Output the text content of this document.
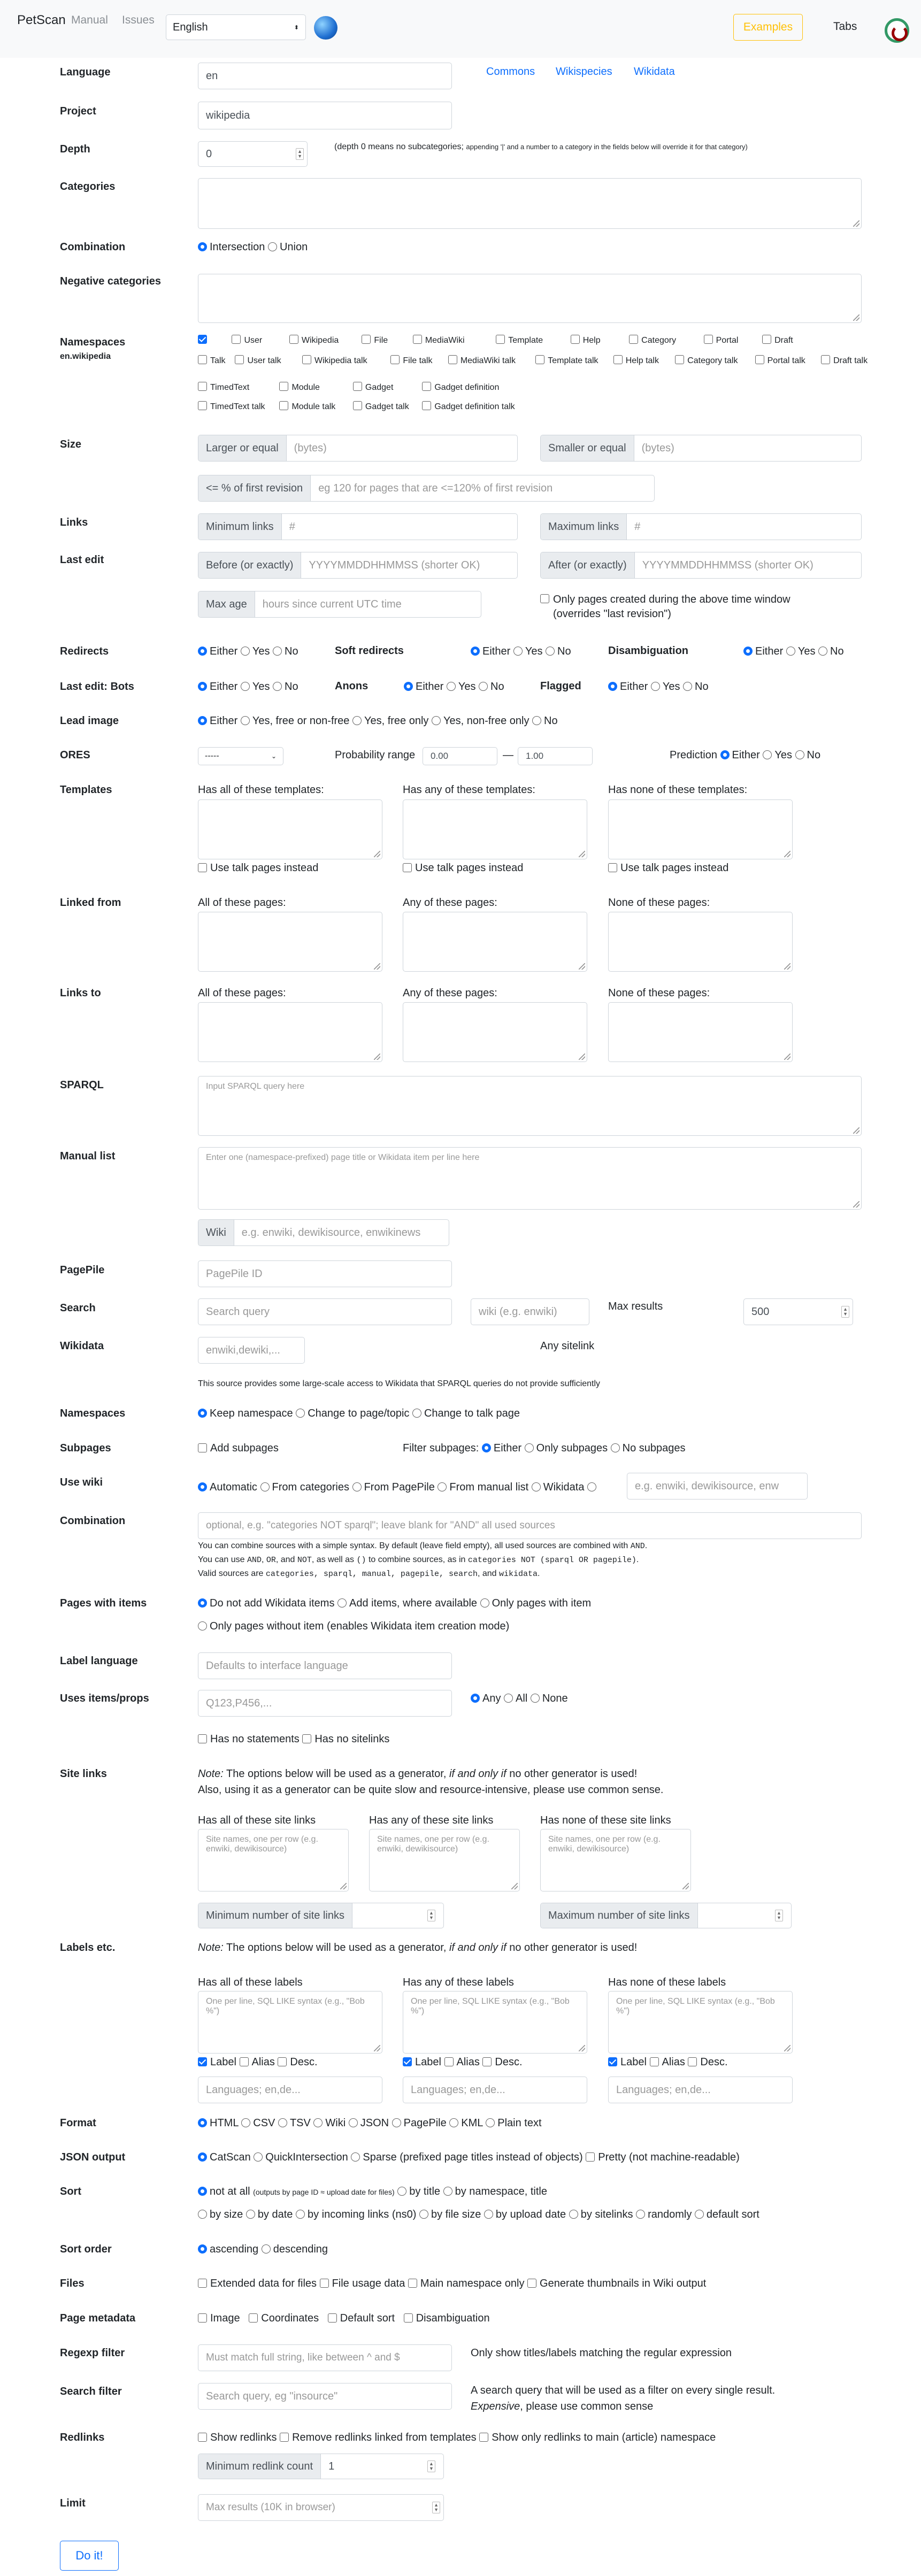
PetScan Manual Issues
English	⬍	Examples	Tabs
Language	en	Commons Wikispecies Wikidata
Project	wikipedia
Depth	0	▲
▼
(depth 0 means no subcategories; appending '|' and a number to a category in the fields below will override it for that category)
Categories
Combination	Intersection Union
Negative categories
Namespaces
en.wikipedia
User	Wikipedia	File	MediaWiki	Template	Help	Category	Portal	Draft
Talk	User talk	Wikipedia talk	File talk	MediaWiki talk	Template talk	Help talk	Category talk	Portal talk	Draft talk
TimedText	Module	Gadget	Gadget definition
TimedText talk	Module talk	Gadget talk	Gadget definition talk
Size	Larger or equal	(bytes)	Smaller or equal	(bytes)
<= % of first revision	eg 120 for pages that are <=120% of first revision
Links	Minimum links	#	Maximum links	#
Last edit	Before (or exactly)	YYYYMMDDHHMMSS (shorter OK)	After (or exactly)	YYYYMMDDHHMMSS (shorter OK)
Max age	hours since current UTC time	Only pages created during the above time window (overrides "last revision")
Redirects	Either Yes No	Soft redirects	Either Yes No	Disambiguation	Either Yes No
Last edit: Bots	Either Yes No	Anons	Either Yes No	Flagged	Either Yes No
Lead image	Either Yes, free or non-free Yes, free only Yes, non-free only No
ORES	-----	⌄	Probability range	0.00	—	1.00	Prediction Either Yes No
Templates	Has all of these templates:	Has any of these templates:	Has none of these templates:
Use talk pages instead	Use talk pages instead	Use talk pages instead
Linked from	All of these pages:	Any of these pages:	None of these pages:
Links to	All of these pages:	Any of these pages:	None of these pages:
SPARQL	Input SPARQL query here
Manual list	Enter one (namespace-prefixed) page title or Wikidata item per line here
Wiki	e.g. enwiki, dewikisource, enwikinews
PagePile	PagePile ID
Search	Search query	wiki (e.g. enwiki)	Max results	500	▲
▼
Wikidata	enwiki,dewiki,...	Any sitelink
This source provides some large-scale access to Wikidata that SPARQL queries do not provide sufficiently
Namespaces	Keep namespace Change to page/topic Change to talk page
Subpages	Add subpages	Filter subpages: Either Only subpages No subpages
Use wiki	Automatic From categories From PagePile From manual list Wikidata	e.g. enwiki, dewikisource, enw
Combination	optional, e.g. "categories NOT sparql"; leave blank for "AND" all used sources
You can combine sources with a simple syntax. By default (leave field empty), all used sources are combined with AND.
You can use AND, OR, and NOT, as well as () to combine sources, as in categories NOT (sparql OR pagepile).
Valid sources are categories, sparql, manual, pagepile, search, and wikidata.
Pages with items	Do not add Wikidata items Add items, where available Only pages with item
Only pages without item (enables Wikidata item creation mode)
Label language	Defaults to interface language
Uses items/props	Q123,P456,...	Any All None
Has no statements Has no sitelinks
Site links	Note: The options below will be used as a generator, if and only if no other generator is used!
Also, using it as a generator can be quite slow and resource-intensive, please use common sense.
Has all of these site links	Has any of these site links	Has none of these site links
Site names, one per row (e.g. enwiki, dewikisource)
Site names, one per row (e.g. enwiki, dewikisource)
Site names, one per row (e.g. enwiki, dewikisource)
Minimum number of site links	▲
▼	Maximum number of site links	▲
▼
Labels etc.	Note: The options below will be used as a generator, if and only if no other generator is used!
Has all of these labels	Has any of these labels	Has none of these labels
One per line, SQL LIKE syntax (e.g., "Bob %")
One per line, SQL LIKE syntax (e.g., "Bob %")
One per line, SQL LIKE syntax (e.g., "Bob %")
Label Alias Desc.	Label Alias Desc.	Label Alias Desc.
Languages; en,de...	Languages; en,de...	Languages; en,de...
Format	HTML CSV TSV Wiki JSON PagePile KML Plain text
JSON output	CatScan QuickIntersection Sparse (prefixed page titles instead of objects) Pretty (not machine-readable)
Sort	not at all (outputs by page ID ≈ upload date for files) by title by namespace, title
by size by date by incoming links (ns0) by file size by upload date by sitelinks randomly default sort
Sort order	ascending descending
Files	Extended data for files File usage data Main namespace only Generate thumbnails in Wiki output
Page metadata	Image Coordinates Default sort Disambiguation
Regexp filter	Must match full string, like between ^ and $	Only show titles/labels matching the regular expression
Search filter	Search query, eg "insource"	A search query that will be used as a filter on every single result.
Expensive, please use common sense
Redlinks	Show redlinks Remove redlinks linked from templates Show only redlinks to main (article) namespace
Minimum redlink count	1	▲
▼
Limit	Max results (10K in browser)	▲
▼
Do it!
